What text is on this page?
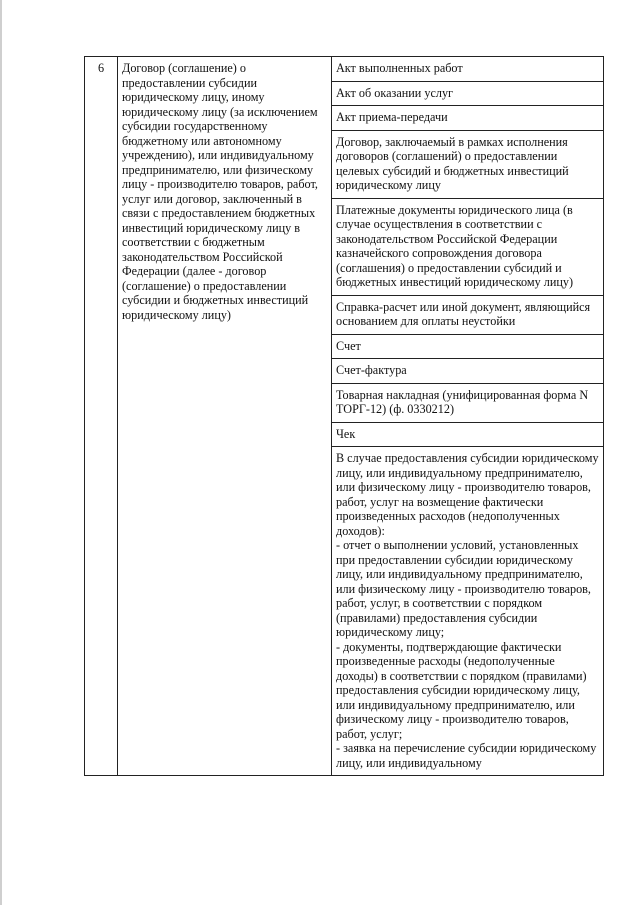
6	Договор (соглашение) о предоставлении субсидии юридическому лицу, иному юридическому лицу (за исключением субсидии государственному бюджетному или автономному учреждению), или индивидуальному предпринимателю, или физическому лицу - производителю товаров, работ, услуг или договор, заключенный в связи с предоставлением бюджетных инвестиций юридическому лицу в соответствии с бюджетным законодательством Российской Федерации (далее - договор (соглашение) о предоставлении субсидии и бюджетных инвестиций юридическому лицу)	Акт выполненных работ
Акт об оказании услуг
Акт приема-передачи
Договор, заключаемый в рамках исполнения договоров (соглашений) о предоставлении целевых субсидий и бюджетных инвестиций юридическому лицу
Платежные документы юридического лица (в случае осуществления в соответствии с законодательством Российской Федерации казначейского сопровождения договора (соглашения) о предоставлении субсидий и бюджетных инвестиций юридическому лицу)
Справка-расчет или иной документ, являющийся основанием для оплаты неустойки
Счет
Счет-фактура
Товарная накладная (унифицированная форма N ТОРГ-12) (ф. 0330212)
Чек
В случае предоставления субсидии юридическому лицу, или индивидуальному предпринимателю, или физическому лицу - производителю товаров, работ, услуг на возмещение фактически произведенных расходов (недополученных доходов):
- отчет о выполнении условий, установленных при предоставлении субсидии юридическому лицу, или индивидуальному предпринимателю, или физическому лицу - производителю товаров, работ, услуг, в соответствии с порядком (правилами) предоставления субсидии юридическому лицу;
- документы, подтверждающие фактически произведенные расходы (недополученные доходы) в соответствии с порядком (правилами) предоставления субсидии юридическому лицу, или индивидуальному предпринимателю, или физическому лицу - производителю товаров, работ, услуг;
- заявка на перечисление субсидии юридическому лицу, или индивидуальному
